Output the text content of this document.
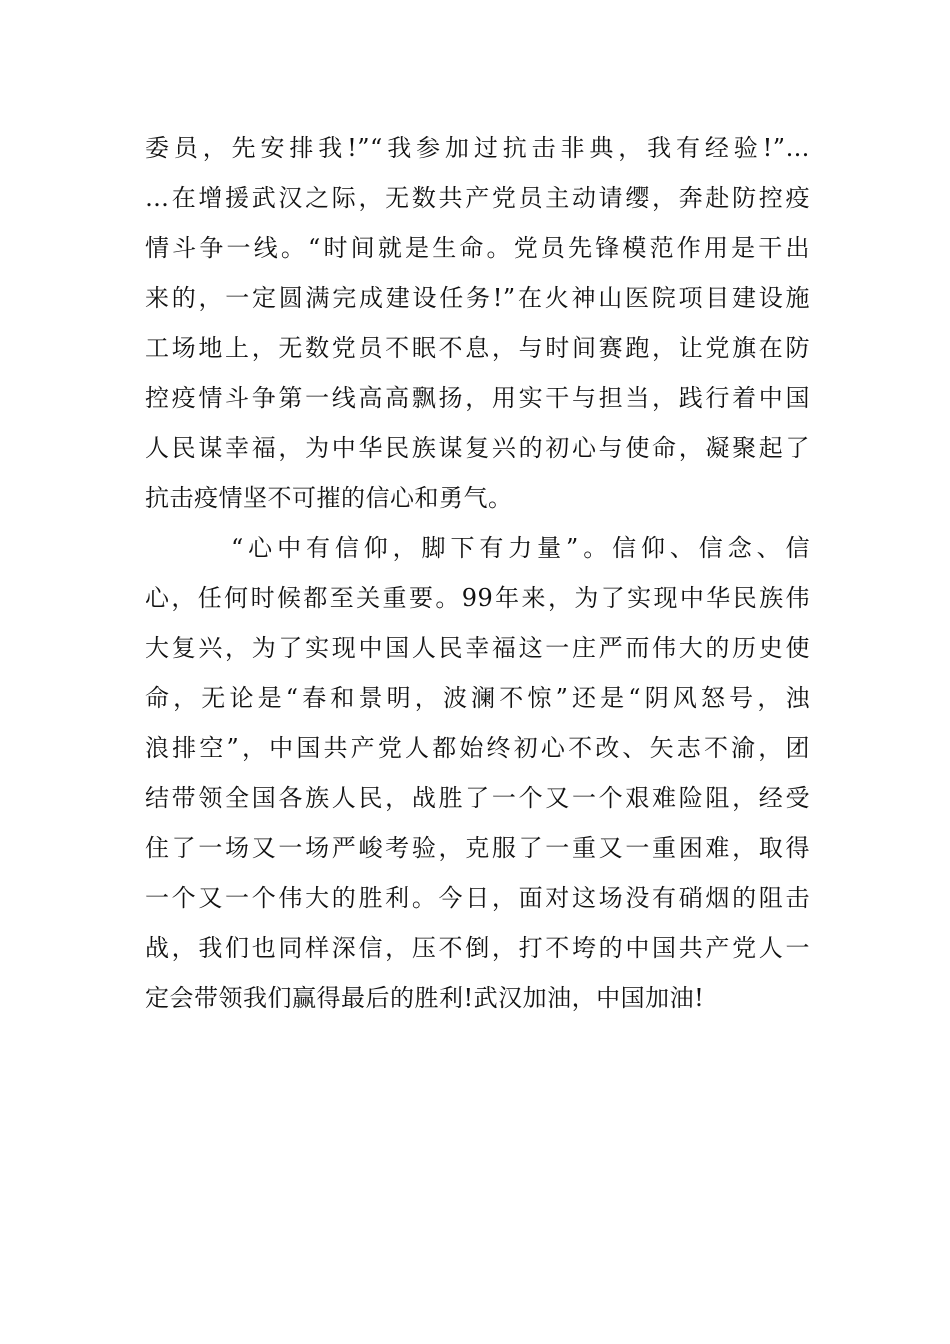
委员，先安排我!”“我参加过抗击非典，我有经验!”…
…在增援武汉之际，无数共产党员主动请缨，奔赴防控疫
情斗争一线。“时间就是生命。党员先锋模范作用是干出
来的，一定圆满完成建设任务!”在火神山医院项目建设施
工场地上，无数党员不眠不息，与时间赛跑，让党旗在防
控疫情斗争第一线高高飘扬，用实干与担当，践行着中国
人民谋幸福，为中华民族谋复兴的初心与使命，凝聚起了
抗击疫情坚不可摧的信心和勇气。
“心中有信仰，脚下有力量”。信仰、信念、信
心，任何时候都至关重要。99年来，为了实现中华民族伟
大复兴，为了实现中国人民幸福这一庄严而伟大的历史使
命，无论是“春和景明，波澜不惊”还是“阴风怒号，浊
浪排空”，中国共产党人都始终初心不改、矢志不渝，团
结带领全国各族人民，战胜了一个又一个艰难险阻，经受
住了一场又一场严峻考验，克服了一重又一重困难，取得
一个又一个伟大的胜利。今日，面对这场没有硝烟的阻击
战，我们也同样深信，压不倒，打不垮的中国共产党人一
定会带领我们赢得最后的胜利!武汉加油，中国加油!
